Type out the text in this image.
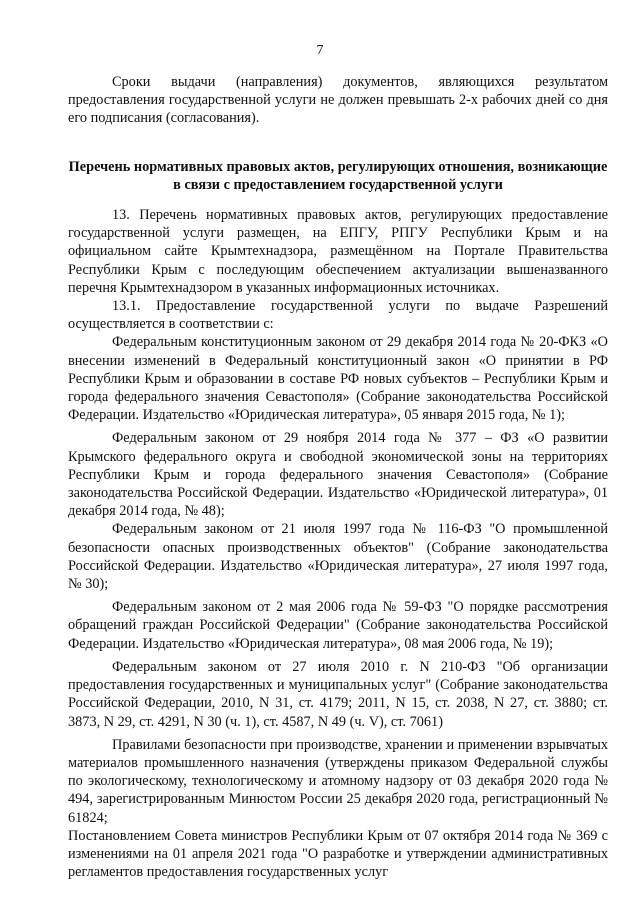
7

Сроки выдачи (направления) документов, являющихся результатом предоставления государственной услуги не должен превышать 2-х рабочих дней со дня его подписания (согласования).

Перечень нормативных правовых актов, регулирующих отношения, возникающие в связи с предоставлением государственной услуги

13. Перечень нормативных правовых актов, регулирующих предоставление государственной услуги размещен, на ЕПГУ, РПГУ Республики Крым и на официальном сайте Крымтехнадзора, размещённом на Портале Правительства Республики Крым с последующим обеспечением актуализации вышеназванного перечня Крымтехнадзором в указанных информационных источниках.

13.1. Предоставление государственной услуги по выдаче Разрешений осуществляется в соответствии с:

Федеральным конституционным законом от 29 декабря 2014 года № 20-ФКЗ «О внесении изменений в Федеральный конституционный закон «О принятии в РФ Республики Крым и образовании в составе РФ новых субъектов – Республики Крым и города федерального значения Севастополя» (Собрание законодательства Российской Федерации. Издательство «Юридическая литература», 05 января 2015 года, № 1);

Федеральным законом от 29 ноября 2014 года № 377 – ФЗ «О развитии Крымского федерального округа и свободной экономической зоны на территориях Республики Крым и города федерального значения Севастополя» (Собрание законодательства Российской Федерации. Издательство «Юридической литература», 01 декабря 2014 года, № 48);

Федеральным законом от 21 июля 1997 года № 116-ФЗ "О промышленной безопасности опасных производственных объектов" (Собрание законодательства Российской Федерации. Издательство «Юридическая литература», 27 июля 1997 года, № 30);

Федеральным законом от 2 мая 2006 года № 59-ФЗ "О порядке рассмотрения обращений граждан Российской Федерации" (Собрание законодательства Российской Федерации. Издательство «Юридическая литература», 08 мая 2006 года, № 19);

Федеральным законом от 27 июля 2010 г. N 210-ФЗ "Об организации предоставления государственных и муниципальных услуг" (Собрание законодательства Российской Федерации, 2010, N 31, ст. 4179; 2011, N 15, ст. 2038, N 27, ст. 3880; ст. 3873, N 29, ст. 4291, N 30 (ч. 1), ст. 4587, N 49 (ч. V), ст. 7061)

Правилами безопасности при производстве, хранении и применении взрывчатых материалов промышленного назначения (утверждены приказом Федеральной службы по экологическому, технологическому и атомному надзору от 03 декабря 2020 года № 494, зарегистрированным Минюстом России 25 декабря 2020 года, регистрационный № 61824;

Постановлением Совета министров Республики Крым от 07 октября 2014 года № 369 с изменениями на 01 апреля 2021 года "О разработке и утверждении административных регламентов предоставления государственных услуг
